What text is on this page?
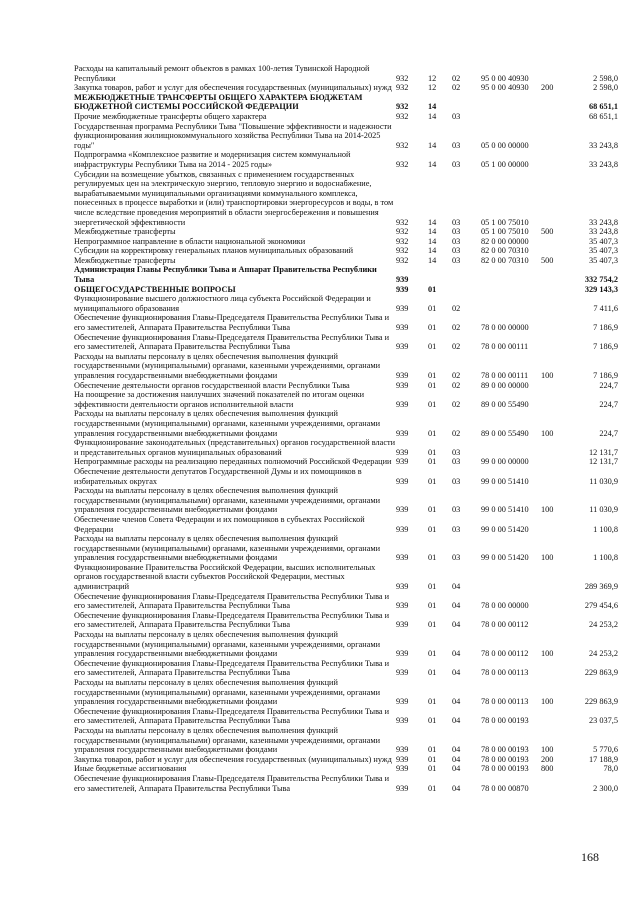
Расходы на капитальный ремонт объектов в рамках 100-летия Тувинской Народной Республики	932	12	02	95 0 00 40930		2 598,0
Закупка товаров, работ и услуг для обеспечения государственных (муниципальных) нужд	932	12	02	95 0 00 40930	200	2 598,0
МЕЖБЮДЖЕТНЫЕ ТРАНСФЕРТЫ ОБЩЕГО ХАРАКТЕРА БЮДЖЕТАМ БЮДЖЕТНОЙ СИСТЕМЫ РОССИЙСКОЙ ФЕДЕРАЦИИ	932	14				68 651,1
Прочие межбюджетные трансферты общего характера	932	14	03			68 651,1
Государственная программа Республики Тыва "Повышение эффективности и надежности функционирования жилищнокоммунального хозяйства Республики Тыва на 2014-2025 годы"	932	14	03	05 0 00 00000		33 243,8
Подпрограмма «Комплексное развитие и модернизация систем коммунальной инфраструктуры Республики Тыва на 2014 - 2025 годы»	932	14	03	05 1 00 00000		33 243,8
Субсидии на возмещение убытков, связанных с применением государственных регулируемых цен на электрическую энергию, тепловую энергию и водоснабжение, вырабатываемыми муниципальными организациями коммунального комплекса, понесенных в процессе выработки и (или) транспортировки энергоресурсов и воды, в том числе вследствие проведения мероприятий в области энергосбережения и повышения энергетической эффективности	932	14	03	05 1 00 75010		33 243,8
Межбюджетные трансферты	932	14	03	05 1 00 75010	500	33 243,8
Непрограммное направление в области национальной экономики	932	14	03	82 0 00 00000		35 407,3
Субсидии на корректировку генеральных планов муниципальных образований	932	14	03	82 0 00 70310		35 407,3
Межбюджетные трансферты	932	14	03	82 0 00 70310	500	35 407,3
Администрация Главы Республики Тыва и Аппарат Правительства Республики Тыва	939					332 754,2
ОБЩЕГОСУДАРСТВЕННЫЕ ВОПРОСЫ	939	01				329 143,3
Функционирование высшего должностного лица субъекта Российской Федерации и муниципального образования	939	01	02			7 411,6
Обеспечение функционирования Главы-Председателя Правительства Республики Тыва и его заместителей, Аппарата Правительства Республики Тыва	939	01	02	78 0 00 00000		7 186,9
Обеспечение функционирования Главы-Председателя Правительства Республики Тыва и его заместителей, Аппарата Правительства Республики Тыва	939	01	02	78 0 00 00111		7 186,9
Расходы на выплаты персоналу в целях обеспечения выполнения функций государственными (муниципальными) органами, казенными учреждениями, органами управления государственными внебюджетными фондами	939	01	02	78 0 00 00111	100	7 186,9
Обеспечение деятельности органов государственной власти Республики Тыва	939	01	02	89 0 00 00000		224,7
На поощрение за достижения наилучших значений показателей по итогам оценки эффективности деятельности органов исполнительной власти	939	01	02	89 0 00 55490		224,7
Расходы на выплаты персоналу в целях обеспечения выполнения функций государственными (муниципальными) органами, казенными учреждениями, органами управления государственными внебюджетными фондами	939	01	02	89 0 00 55490	100	224,7
Функционирование законодательных (представительных) органов государственной власти и представительных органов муниципальных образований	939	01	03			12 131,7
Непрограммные расходы на реализацию переданных полномочий Российской Федерации	939	01	03	99 0 00 00000		12 131,7
Обеспечение деятельности депутатов Государственной Думы и их помощников в избирательных округах	939	01	03	99 0 00 51410		11 030,9
Расходы на выплаты персоналу в целях обеспечения выполнения функций государственными (муниципальными) органами, казенными учреждениями, органами управления государственными внебюджетными фондами	939	01	03	99 0 00 51410	100	11 030,9
Обеспечение членов Совета Федерации и их помощников в субъектах Российской Федерации	939	01	03	99 0 00 51420		1 100,8
Расходы на выплаты персоналу в целях обеспечения выполнения функций государственными (муниципальными) органами, казенными учреждениями, органами управления государственными внебюджетными фондами	939	01	03	99 0 00 51420	100	1 100,8
Функционирование Правительства Российской Федерации, высших исполнительных органов государственной власти субъектов Российской Федерации, местных администраций	939	01	04			289 369,9
Обеспечение функционирования Главы-Председателя Правительства Республики Тыва и его заместителей, Аппарата Правительства Республики Тыва	939	01	04	78 0 00 00000		279 454,6
Обеспечение функционирования Главы-Председателя Правительства Республики Тыва и его заместителей, Аппарата Правительства Республики Тыва	939	01	04	78 0 00 00112		24 253,2
Расходы на выплаты персоналу в целях обеспечения выполнения функций государственными (муниципальными) органами, казенными учреждениями, органами управления государственными внебюджетными фондами	939	01	04	78 0 00 00112	100	24 253,2
Обеспечение функционирования Главы-Председателя Правительства Республики Тыва и его заместителей, Аппарата Правительства Республики Тыва	939	01	04	78 0 00 00113		229 863,9
Расходы на выплаты персоналу в целях обеспечения выполнения функций государственными (муниципальными) органами, казенными учреждениями, органами управления государственными внебюджетными фондами	939	01	04	78 0 00 00113	100	229 863,9
Обеспечение функционирования Главы-Председателя Правительства Республики Тыва и его заместителей, Аппарата Правительства Республики Тыва	939	01	04	78 0 00 00193		23 037,5
Расходы на выплаты персоналу в целях обеспечения выполнения функций государственными (муниципальными) органами, казенными учреждениями, органами управления государственными внебюджетными фондами	939	01	04	78 0 00 00193	100	5 770,6
Закупка товаров, работ и услуг для обеспечения государственных (муниципальных) нужд	939	01	04	78 0 00 00193	200	17 188,9
Иные бюджетные ассигнования	939	01	04	78 0 00 00193	800	78,0
Обеспечение функционирования Главы-Председателя Правительства Республики Тыва и его заместителей, Аппарата Правительства Республики Тыва	939	01	04	78 0 00 00870		2 300,0
168
